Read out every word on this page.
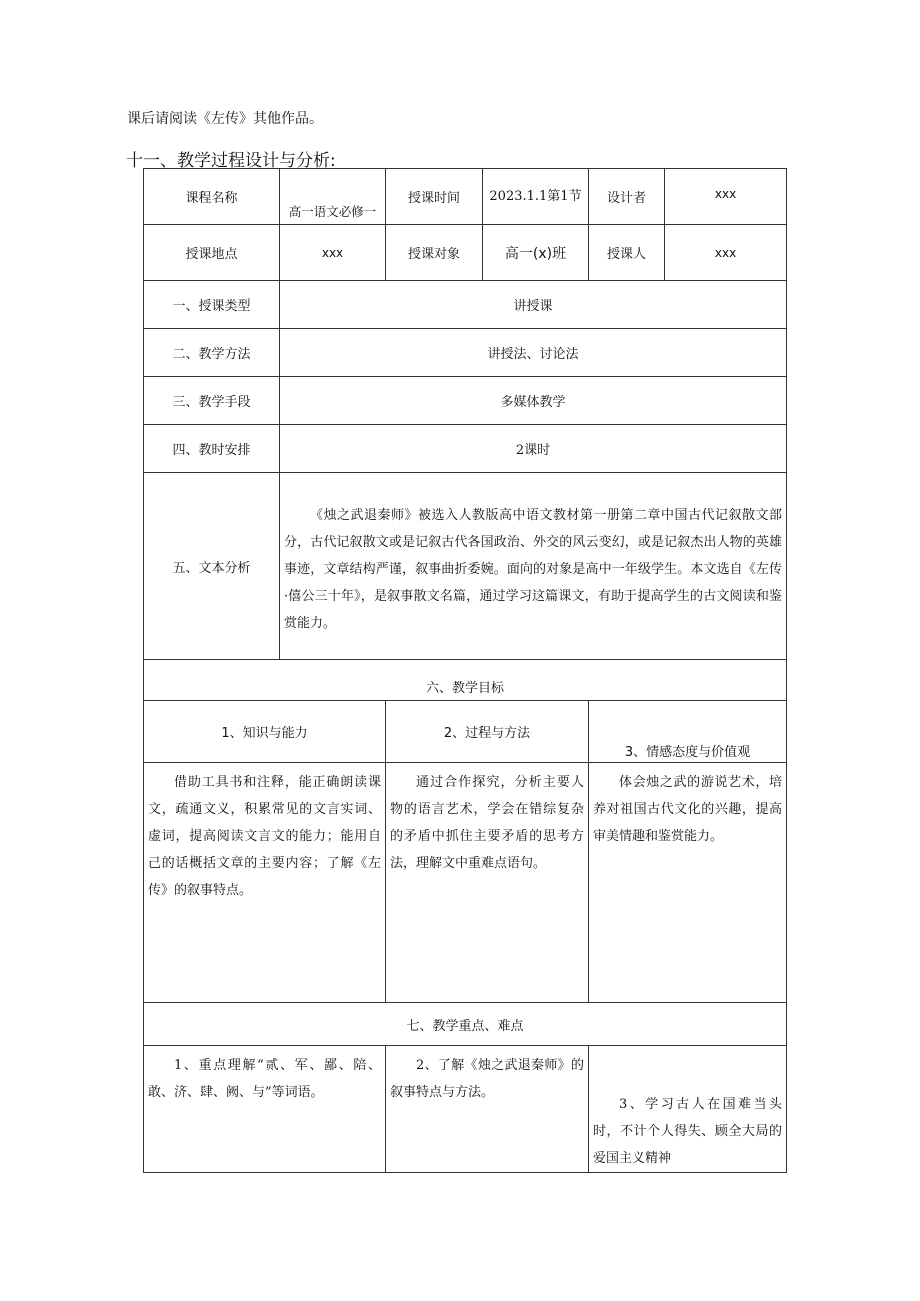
课后请阅读《左传》其他作品。
十一、教学过程设计与分析:
课程名称	高一语文必修一	授课时间	2023.1.1第1节	设计者	xxx
授课地点	xxx	授课对象	高一(x)班	授课人	xxx
一、授课类型	讲授课				
二、教学方法	讲授法、讨论法				
三、教学手段	多媒体教学				
四、教时安排	2课时				
五、文本分析	《烛之武退秦师》被选入人教版高中语文教材第一册第二章中国古代记叙散文部分，古代记叙散文或是记叙古代各国政治、外交的风云变幻，或是记叙杰出人物的英雄事迹，文章结构严谨，叙事曲折委婉。面向的对象是高中一年级学生。本文选自《左传·僖公三十年》，是叙事散文名篇，通过学习这篇课文，有助于提高学生的古文阅读和鉴赏能力。				
六、教学目标					
1、知识与能力		2、过程与方法		3、情感态度与价值观	
借助工具书和注释，能正确朗读课文，疏通文义，积累常见的文言实词、虚词，提高阅读文言文的能力；能用自己的话概括文章的主要内容；了解《左传》的叙事特点。		通过合作探究，分析主要人物的语言艺术，学会在错综复杂的矛盾中抓住主要矛盾的思考方法，理解文中重难点语句。		体会烛之武的游说艺术，培养对祖国古代文化的兴趣，提高审美情趣和鉴赏能力。	
七、教学重点、难点					
1、重点理解“贰、军、鄙、陪、敢、济、肆、阙、与”等词语。		2、了解《烛之武退秦师》的叙事特点与方法。		3、学习古人在国难当头时，不计个人得失、顾全大局的爱国主义精神	
